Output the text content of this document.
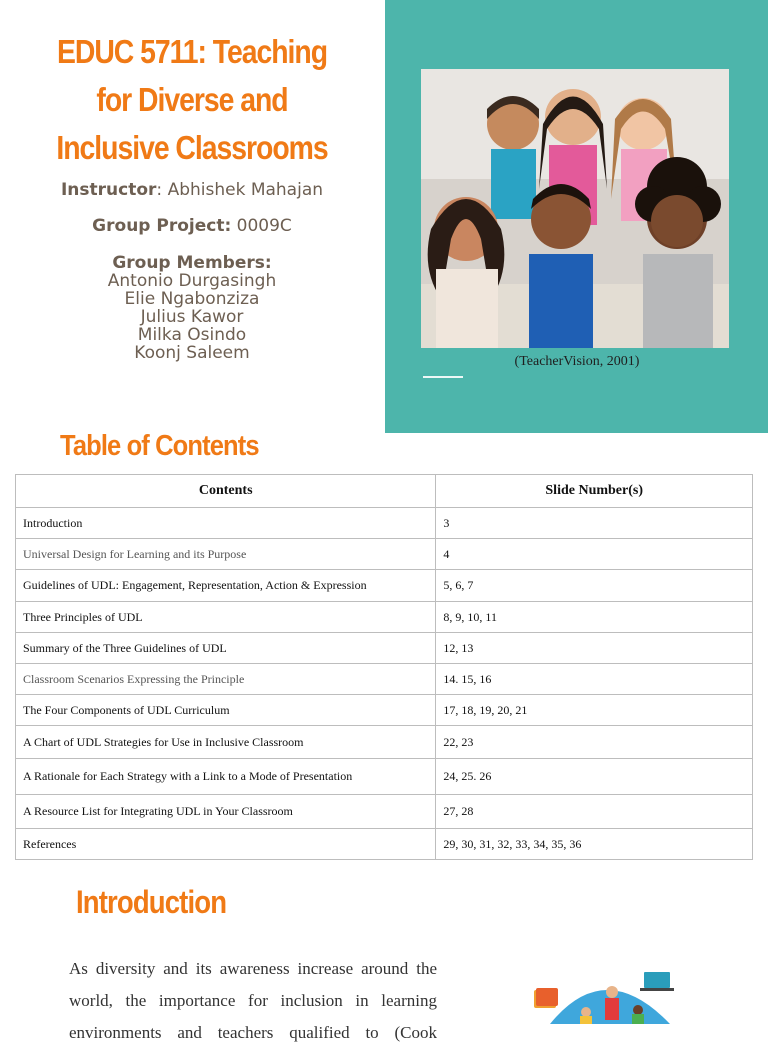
EDUC 5711: Teaching
for Diverse and
Inclusive Classrooms
Instructor: Abhishek Mahajan
Group Project: 0009C
Group Members:
Antonio Durgasingh
Elie Ngabonziza
Julius Kawor
Milka Osindo
Koonj Saleem	(TeacherVision, 2001)
Table of Contents
Contents	Slide Number(s)
Introduction	3
Universal Design for Learning and its Purpose	4
Guidelines of UDL: Engagement, Representation, Action & Expression	5, 6, 7
Three Principles of UDL	8, 9, 10, 11
Summary of the Three Guidelines of UDL	12, 13
Classroom Scenarios Expressing the Principle	14. 15, 16
The Four Components of UDL Curriculum	17, 18, 19, 20, 21
A Chart of UDL Strategies for Use in Inclusive Classroom	22, 23
A Rationale for Each Strategy with a Link to a Mode of Presentation	24, 25. 26
A Resource List for Integrating UDL in Your Classroom	27, 28
References	29, 30, 31, 32, 33, 34, 35, 36
Introduction

As diversity and its awareness increase around the world, the importance for inclusion in learning environments and teachers qualified to (Cook
